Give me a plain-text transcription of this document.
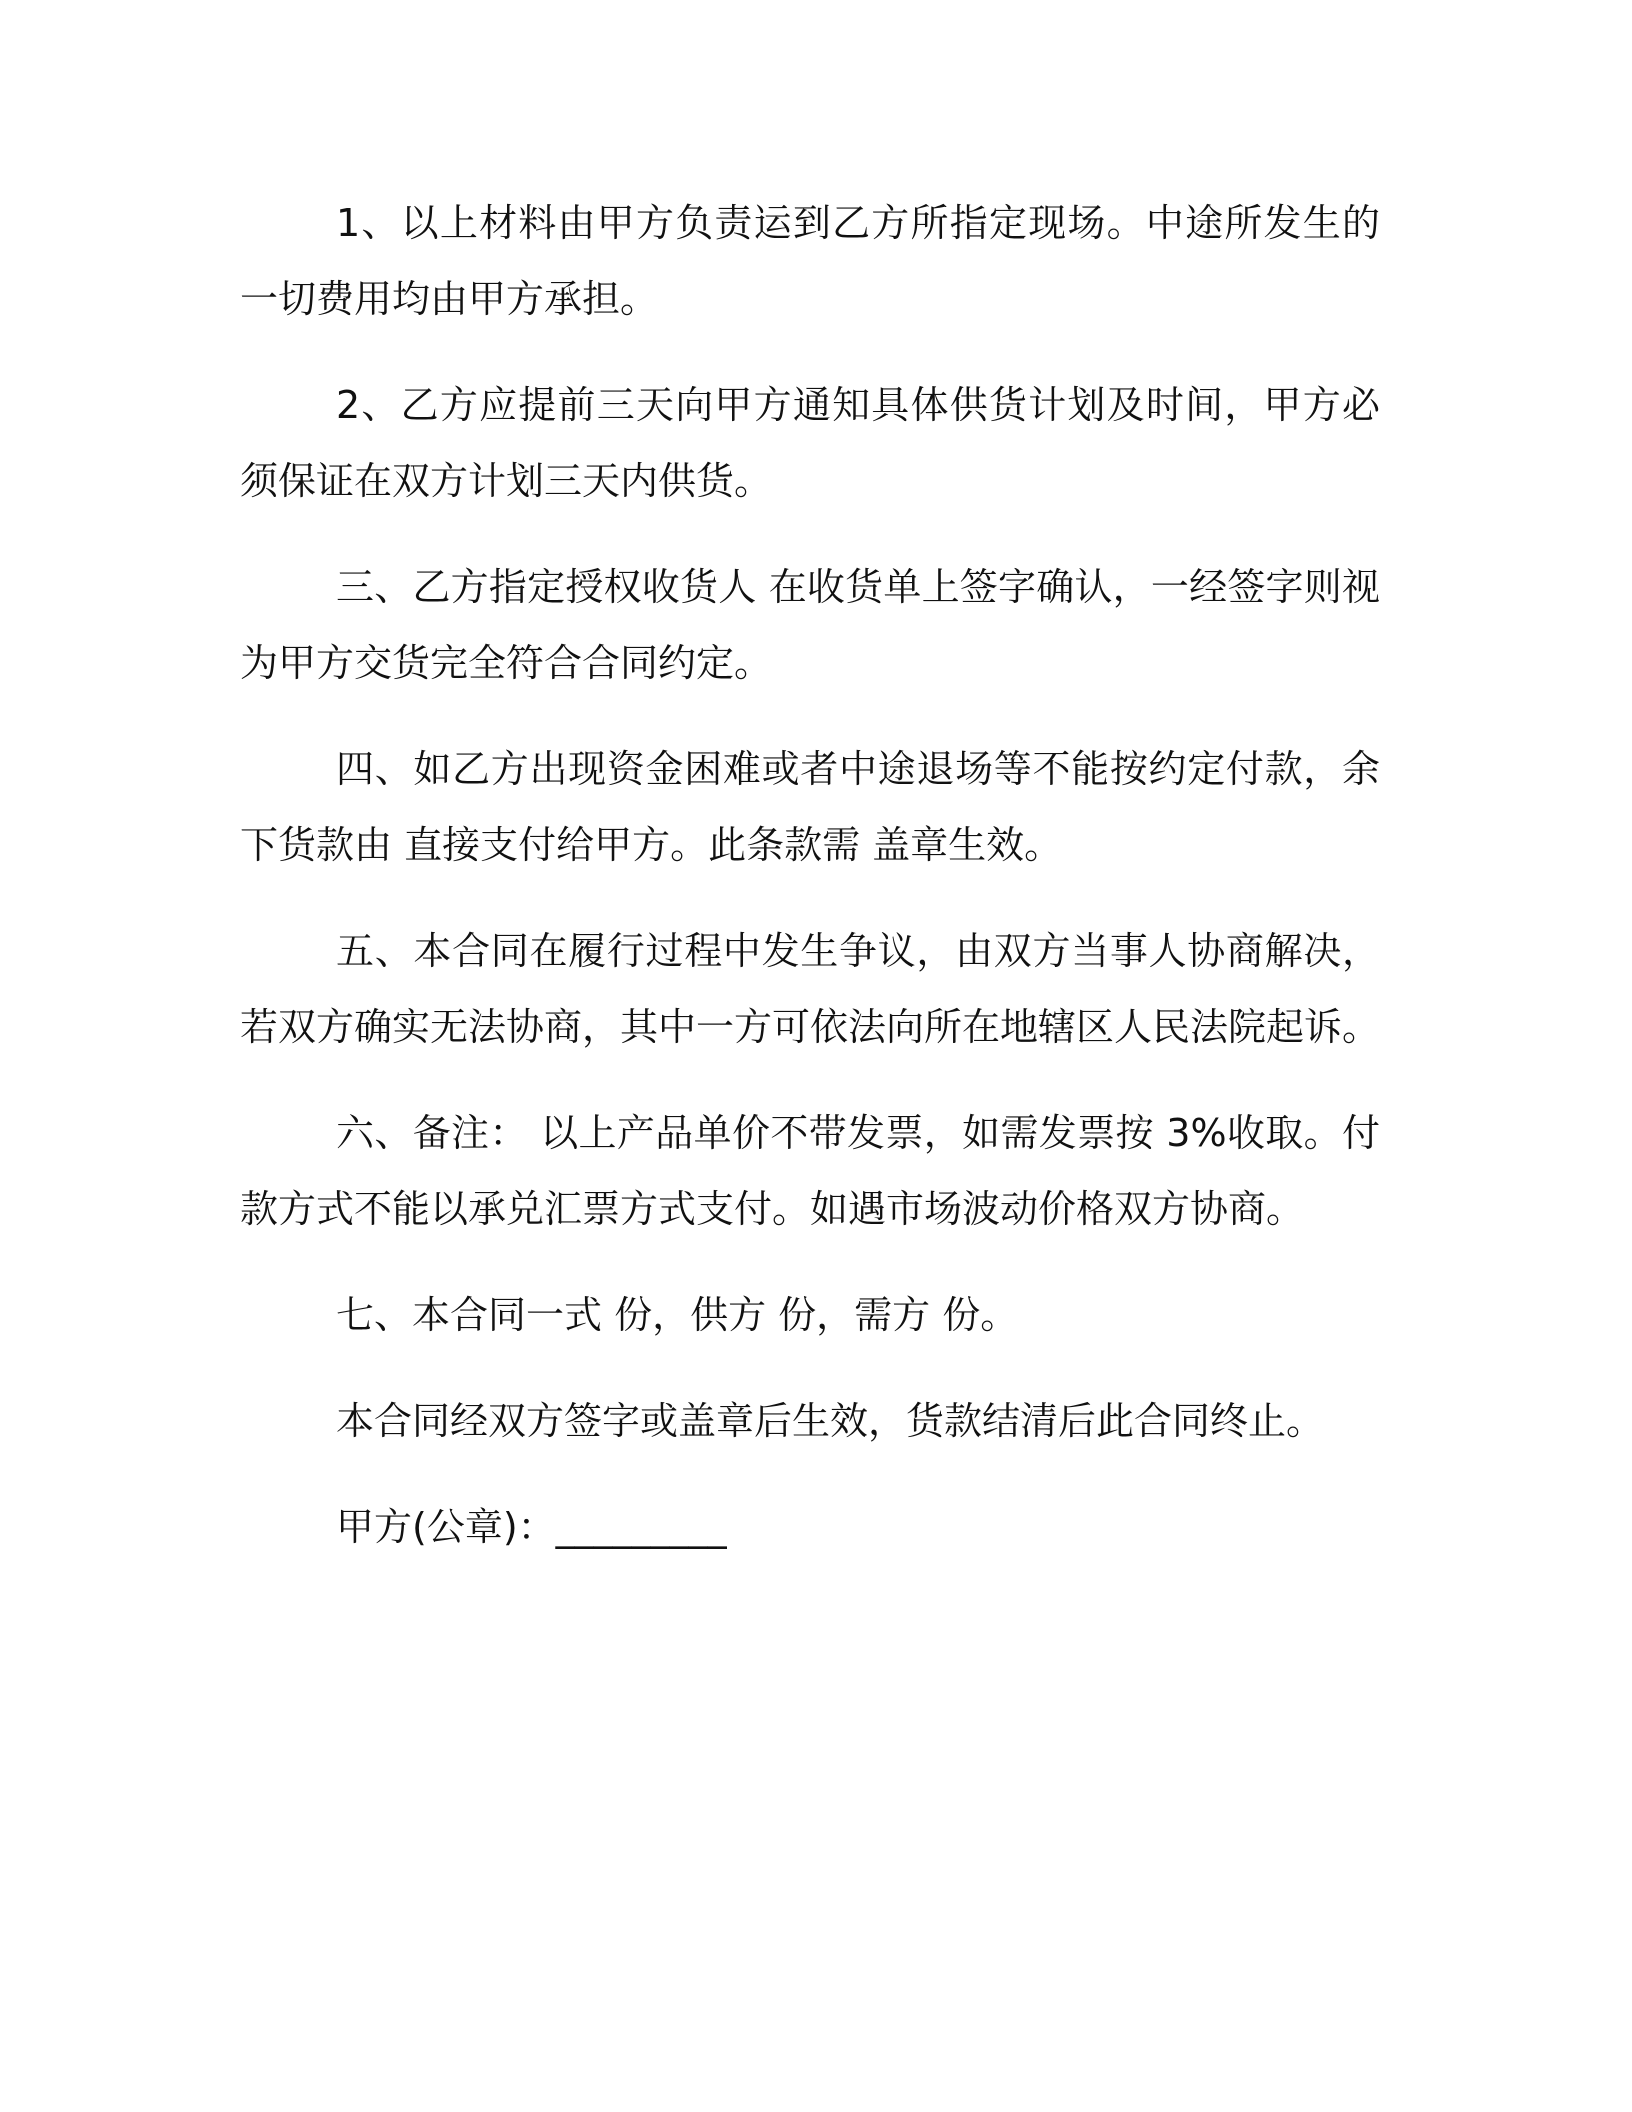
1、以上材料由甲方负责运到乙方所指定现场。中途所发生的一切费用均由甲方承担。

2、乙方应提前三天向甲方通知具体供货计划及时间，甲方必须保证在双方计划三天内供货。

三、乙方指定授权收货人 在收货单上签字确认，一经签字则视为甲方交货完全符合合同约定。

四、如乙方出现资金困难或者中途退场等不能按约定付款，余下货款由 直接支付给甲方。此条款需 盖章生效。

五、本合同在履行过程中发生争议，由双方当事人协商解决，若双方确实无法协商，其中一方可依法向所在地辖区人民法院起诉。

六、备注： 以上产品单价不带发票，如需发票按 3%收取。付款方式不能以承兑汇票方式支付。如遇市场波动价格双方协商。

七、本合同一式 份，供方 份，需方 份。

本合同经双方签字或盖章后生效，货款结清后此合同终止。

甲方(公章)：_________
